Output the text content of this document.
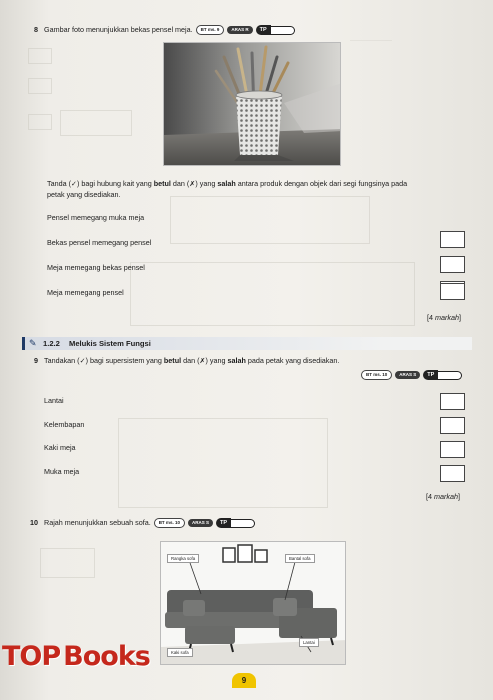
———————
8 Gambar foto menunjukkan bekas pensel meja. BT ms. 9	ARAS R	TP
Tanda (✓) bagi hubung kait yang betul dan (✗) yang salah antara produk dengan objek dari segi fungsinya pada
petak yang disediakan.
Pensel memegang muka meja
Bekas pensel memegang pensel
Meja memegang bekas pensel
Meja memegang pensel
[4 markah]
✎ 1.2.2 Melukis Sistem Fungsi
9 Tandakan (✓) bagi supersistem yang betul dan (✗) yang salah pada petak yang disediakan.
BT ms. 10	ARAS S	TP
Lantai
Kelembapan
Kaki meja
Muka meja
[4 markah]
10 Rajah menunjukkan sebuah sofa. BT ms. 10	ARAS S	TP
Rangka sofa	Bantal sofa
Lantai
Kaki sofa
9
TOP Books
